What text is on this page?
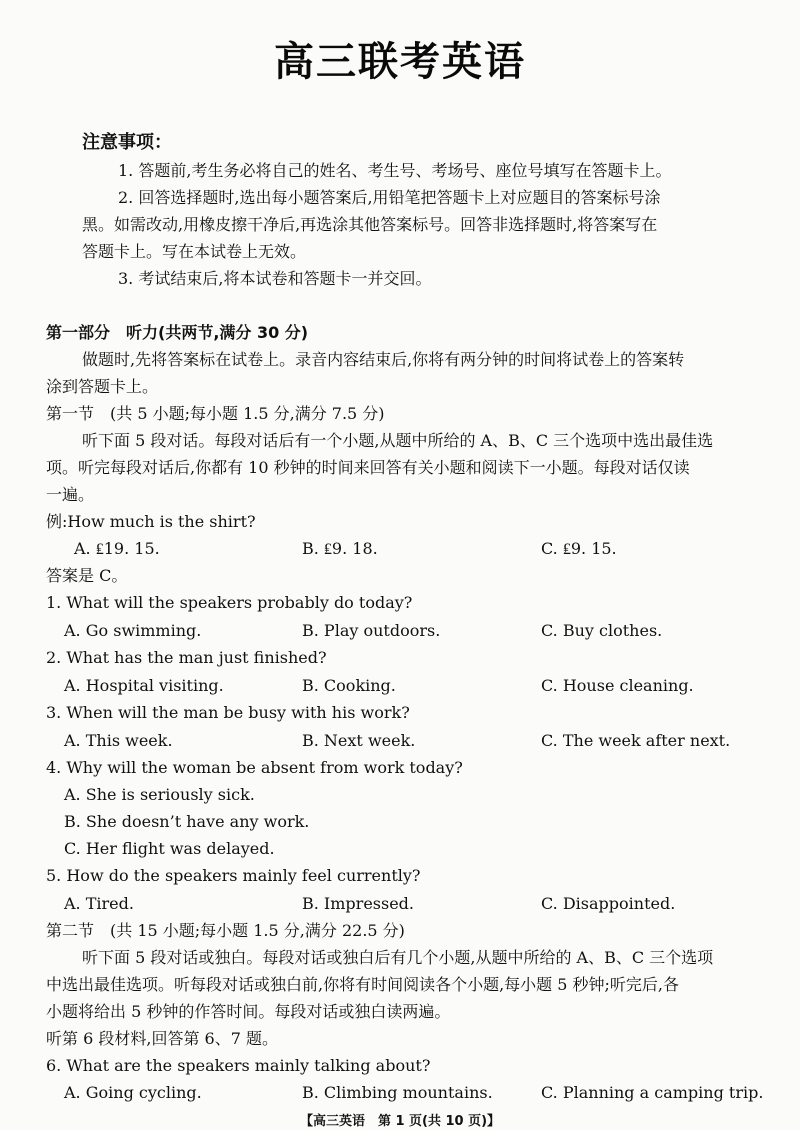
高三联考英语
注意事项：
1. 答题前,考生务必将自己的姓名、考生号、考场号、座位号填写在答题卡上。
2. 回答选择题时,选出每小题答案后,用铅笔把答题卡上对应题目的答案标号涂
黑。如需改动,用橡皮擦干净后,再选涂其他答案标号。回答非选择题时,将答案写在
答题卡上。写在本试卷上无效。
3. 考试结束后,将本试卷和答题卡一并交回。
第一部分　听力(共两节,满分 30 分)
做题时,先将答案标在试卷上。录音内容结束后,你将有两分钟的时间将试卷上的答案转
涂到答题卡上。
第一节　(共 5 小题;每小题 1.5 分,满分 7.5 分)
听下面 5 段对话。每段对话后有一个小题,从题中所给的 A、B、C 三个选项中选出最佳选
项。听完每段对话后,你都有 10 秒钟的时间来回答有关小题和阅读下一小题。每段对话仅读
一遍。
例:How much is the shirt?
A. ₤19. 15.	B. ₤9. 18.	C. ₤9. 15.
答案是 C。
1. What will the speakers probably do today?
A. Go swimming.	B. Play outdoors.	C. Buy clothes.
2. What has the man just finished?
A. Hospital visiting.	B. Cooking.	C. House cleaning.
3. When will the man be busy with his work?
A. This week.	B. Next week.	C. The week after next.
4. Why will the woman be absent from work today?
A. She is seriously sick.
B. She doesn’t have any work.
C. Her flight was delayed.
5. How do the speakers mainly feel currently?
A. Tired.	B. Impressed.	C. Disappointed.
第二节　(共 15 小题;每小题 1.5 分,满分 22.5 分)
听下面 5 段对话或独白。每段对话或独白后有几个小题,从题中所给的 A、B、C 三个选项
中选出最佳选项。听每段对话或独白前,你将有时间阅读各个小题,每小题 5 秒钟;听完后,各
小题将给出 5 秒钟的作答时间。每段对话或独白读两遍。
听第 6 段材料,回答第 6、7 题。
6. What are the speakers mainly talking about?
A. Going cycling.	B. Climbing mountains.	C. Planning a camping trip.
【高三英语　第 1 页(共 10 页)】
